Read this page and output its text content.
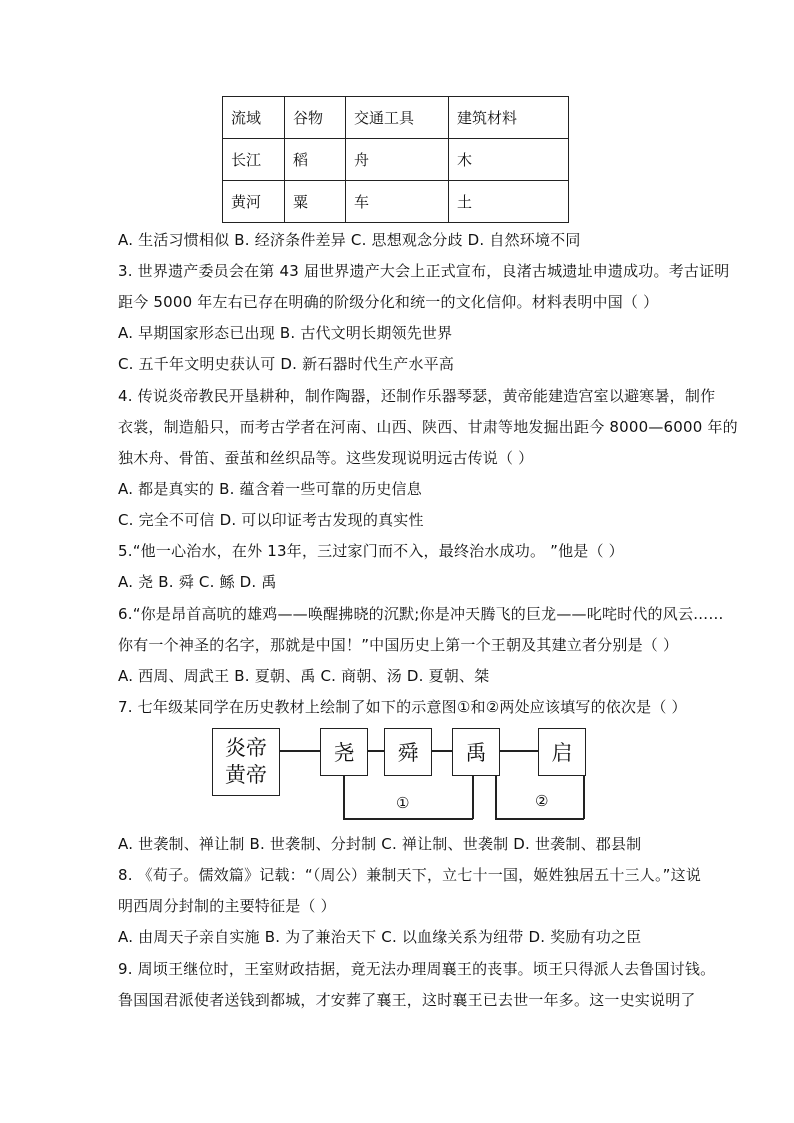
流域	谷物	交通工具	建筑材料
长江	稻	舟	木
黄河	粟	车	土
A. 生活习惯相似 B. 经济条件差异 C. 思想观念分歧 D. 自然环境不同
3. 世界遗产委员会在第 43 届世界遗产大会上正式宣布，良渚古城遗址申遗成功。考古证明
距今 5000 年左右已存在明确的阶级分化和统一的文化信仰。材料表明中国（ ）
A. 早期国家形态已出现 B. 古代文明长期领先世界
C. 五千年文明史获认可 D. 新石器时代生产水平高
4. 传说炎帝教民开垦耕种，制作陶器，还制作乐器琴瑟，黄帝能建造宫室以避寒暑，制作
衣裳，制造船只，而考古学者在河南、山西、陕西、甘肃等地发掘出距今 8000—6000 年的
独木舟、骨笛、蚕茧和丝织品等。这些发现说明远古传说（ ）
A. 都是真实的 B. 蕴含着一些可靠的历史信息
C. 完全不可信 D. 可以印证考古发现的真实性
5.“他一心治水，在外 13年，三过家门而不入，最终治水成功。 ”他是（ ）
A. 尧 B. 舜 C. 鲧 D. 禹
6.“你是昂首高吭的雄鸡——唤醒拂晓的沉默;你是冲天腾飞的巨龙——叱咤时代的风云……
你有一个神圣的名字，那就是中国！”中国历史上第一个王朝及其建立者分别是（ ）
A. 西周、周武王 B. 夏朝、禹 C. 商朝、汤 D. 夏朝、桀
7. 七年级某同学在历史教材上绘制了如下的示意图①和②两处应该填写的依次是（ ）
炎帝
黄帝
尧	舜	禹	启
①	②
A. 世袭制、禅让制 B. 世袭制、分封制 C. 禅让制、世袭制 D. 世袭制、郡县制
8. 《荀子。儒效篇》记载：“（周公）兼制天下，立七十一国，姬姓独居五十三人。”这说
明西周分封制的主要特征是（ ）
A. 由周天子亲自实施 B. 为了兼治天下 C. 以血缘关系为纽带 D. 奖励有功之臣
9. 周顷王继位时，王室财政拮据，竟无法办理周襄王的丧事。顷王只得派人去鲁国讨钱。
鲁国国君派使者送钱到都城，才安葬了襄王，这时襄王已去世一年多。这一史实说明了
